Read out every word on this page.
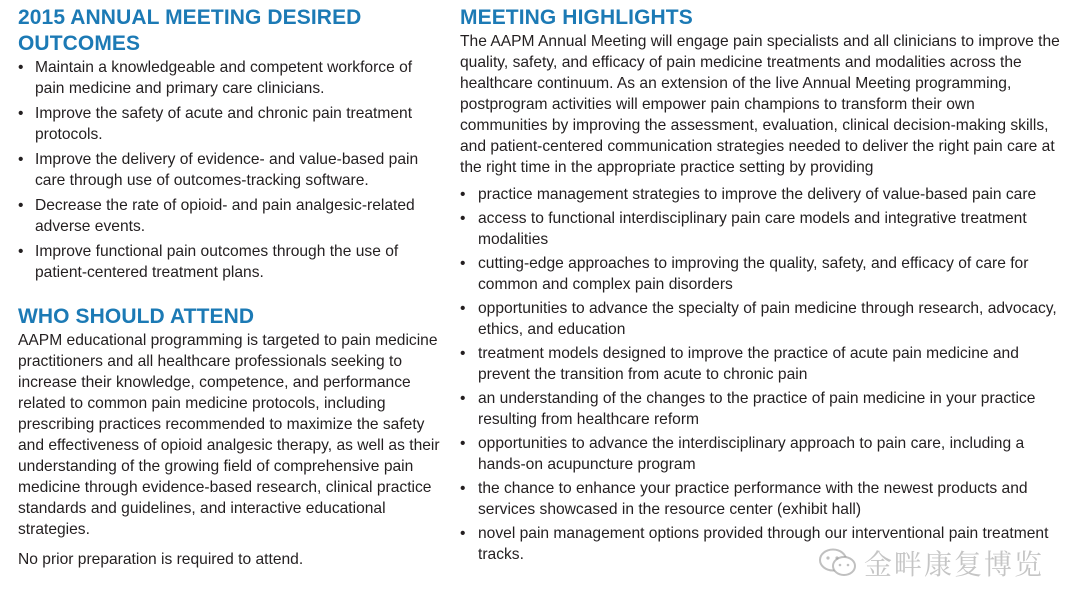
2015 ANNUAL MEETING DESIRED OUTCOMES
• Maintain a knowledgeable and competent workforce of pain medicine and primary care clinicians.
• Improve the safety of acute and chronic pain treatment protocols.
• Improve the delivery of evidence- and value-based pain care through use of outcomes-tracking software.
• Decrease the rate of opioid- and pain analgesic-related adverse events.
• Improve functional pain outcomes through the use of patient-centered treatment plans.
WHO SHOULD ATTEND

AAPM educational programming is targeted to pain medicine practitioners and all healthcare professionals seeking to increase their knowledge, competence, and performance related to common pain medicine protocols, including prescribing practices recommended to maximize the safety and effectiveness of opioid analgesic therapy, as well as their understanding of the growing field of comprehensive pain medicine through evidence-based research, clinical practice standards and guidelines, and interactive educational strategies.

No prior preparation is required to attend.

MEETING HIGHLIGHTS

The AAPM Annual Meeting will engage pain specialists and all clinicians to improve the quality, safety, and efficacy of pain medicine treatments and modalities across the healthcare continuum. As an extension of the live Annual Meeting programming, postprogram activities will empower pain champions to transform their own communities by improving the assessment, evaluation, clinical decision-making skills, and patient-centered communication strategies needed to deliver the right pain care at the right time in the appropriate practice setting by providing

• practice management strategies to improve the delivery of value-based pain care
• access to functional interdisciplinary pain care models and integrative treatment modalities
• cutting-edge approaches to improving the quality, safety, and efficacy of care for common and complex pain disorders
• opportunities to advance the specialty of pain medicine through research, advocacy, ethics, and education
• treatment models designed to improve the practice of acute pain medicine and prevent the transition from acute to chronic pain
• an understanding of the changes to the practice of pain medicine in your practice resulting from healthcare reform
• opportunities to advance the interdisciplinary approach to pain care, including a hands-on acupuncture program
• the chance to enhance your practice performance with the newest products and services showcased in the resource center (exhibit hall)
• novel pain management options provided through our interventional pain treatment tracks.	金畔康复博览
